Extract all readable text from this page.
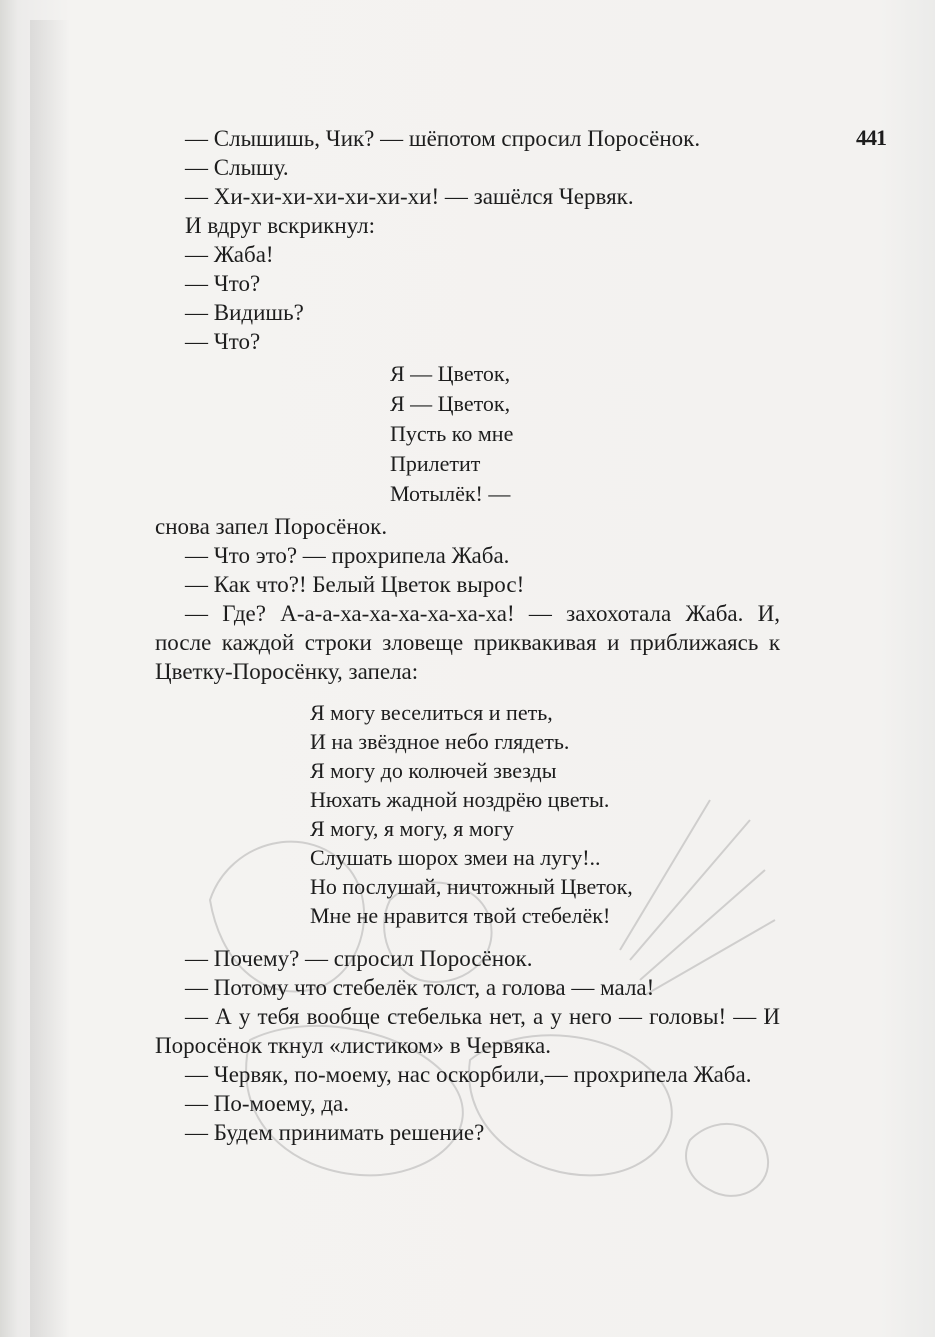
441

— Слышишь, Чик? — шёпотом спросил Поросёнок.

— Слышу.

— Хи-хи-хи-хи-хи-хи-хи! — зашёлся Червяк.

И вдруг вскрикнул:

— Жаба!

— Что?

— Видишь?

— Что?

Я — Цветок,
Я — Цветок,
Пусть ко мне
Прилетит
Мотылёк! —

снова запел Поросёнок.

— Что это? — прохрипела Жаба.

— Как что?! Белый Цветок вырос!

— Где? А-а-а-ха-ха-ха-ха-ха-ха! — захохотала Жаба. И, после каждой строки зловеще приквакивая и приближаясь к Цветку-Поросёнку, запела:

Я могу веселиться и петь,
И на звёздное небо глядеть.
Я могу до колючей звезды
Нюхать жадной ноздрёю цветы.
Я могу, я могу, я могу
Слушать шорох змеи на лугу!..
Но послушай, ничтожный Цветок,
Мне не нравится твой стебелёк!

— Почему? — спросил Поросёнок.

— Потому что стебелёк толст, а голова — мала!

— А у тебя вообще стебелька нет, а у него — головы! — И Поросёнок ткнул «листиком» в Червяка.

— Червяк, по-моему, нас оскорбили,— прохрипела Жаба.

— По-моему, да.

— Будем принимать решение?
